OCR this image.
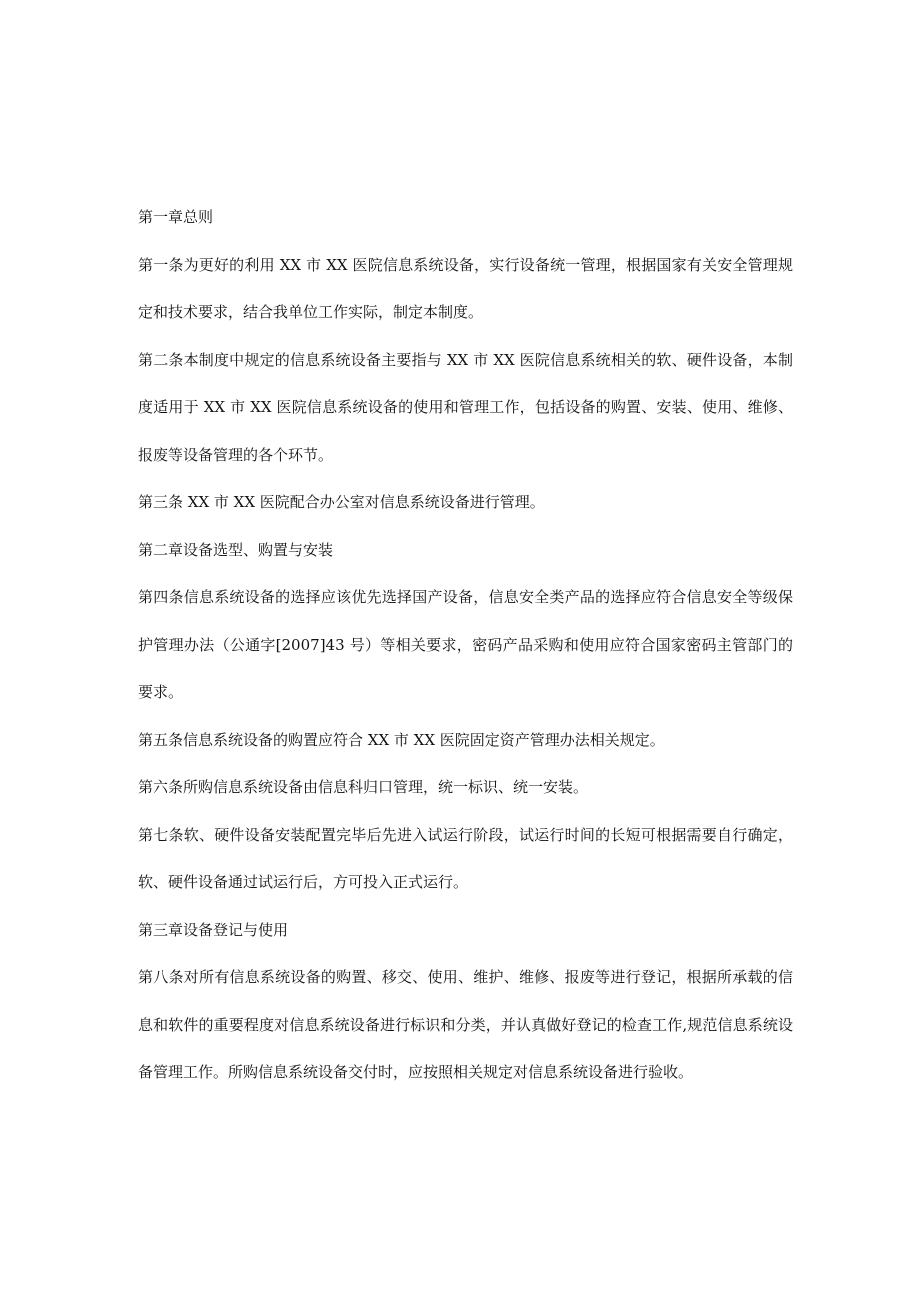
第一章总则

第一条为更好的利用 XX 市 XX 医院信息系统设备，实行设备统一管理，根据国家有关安全管理规定和技术要求，结合我单位工作实际，制定本制度。

第二条本制度中规定的信息系统设备主要指与 XX 市 XX 医院信息系统相关的软、硬件设备，本制度适用于 XX 市 XX 医院信息系统设备的使用和管理工作，包括设备的购置、安装、使用、维修、报废等设备管理的各个环节。

第三条 XX 市 XX 医院配合办公室对信息系统设备进行管理。

第二章设备选型、购置与安装

第四条信息系统设备的选择应该优先选择国产设备，信息安全类产品的选择应符合信息安全等级保护管理办法（公通字[2007]43 号）等相关要求，密码产品采购和使用应符合国家密码主管部门的要求。

第五条信息系统设备的购置应符合 XX 市 XX 医院固定资产管理办法相关规定。

第六条所购信息系统设备由信息科归口管理，统一标识、统一安装。

第七条软、硬件设备安装配置完毕后先进入试运行阶段，试运行时间的长短可根据需要自行确定，软、硬件设备通过试运行后，方可投入正式运行。

第三章设备登记与使用

第八条对所有信息系统设备的购置、移交、使用、维护、维修、报废等进行登记，根据所承载的信息和软件的重要程度对信息系统设备进行标识和分类，并认真做好登记的检查工作,规范信息系统设备管理工作。所购信息系统设备交付时，应按照相关规定对信息系统设备进行验收。
